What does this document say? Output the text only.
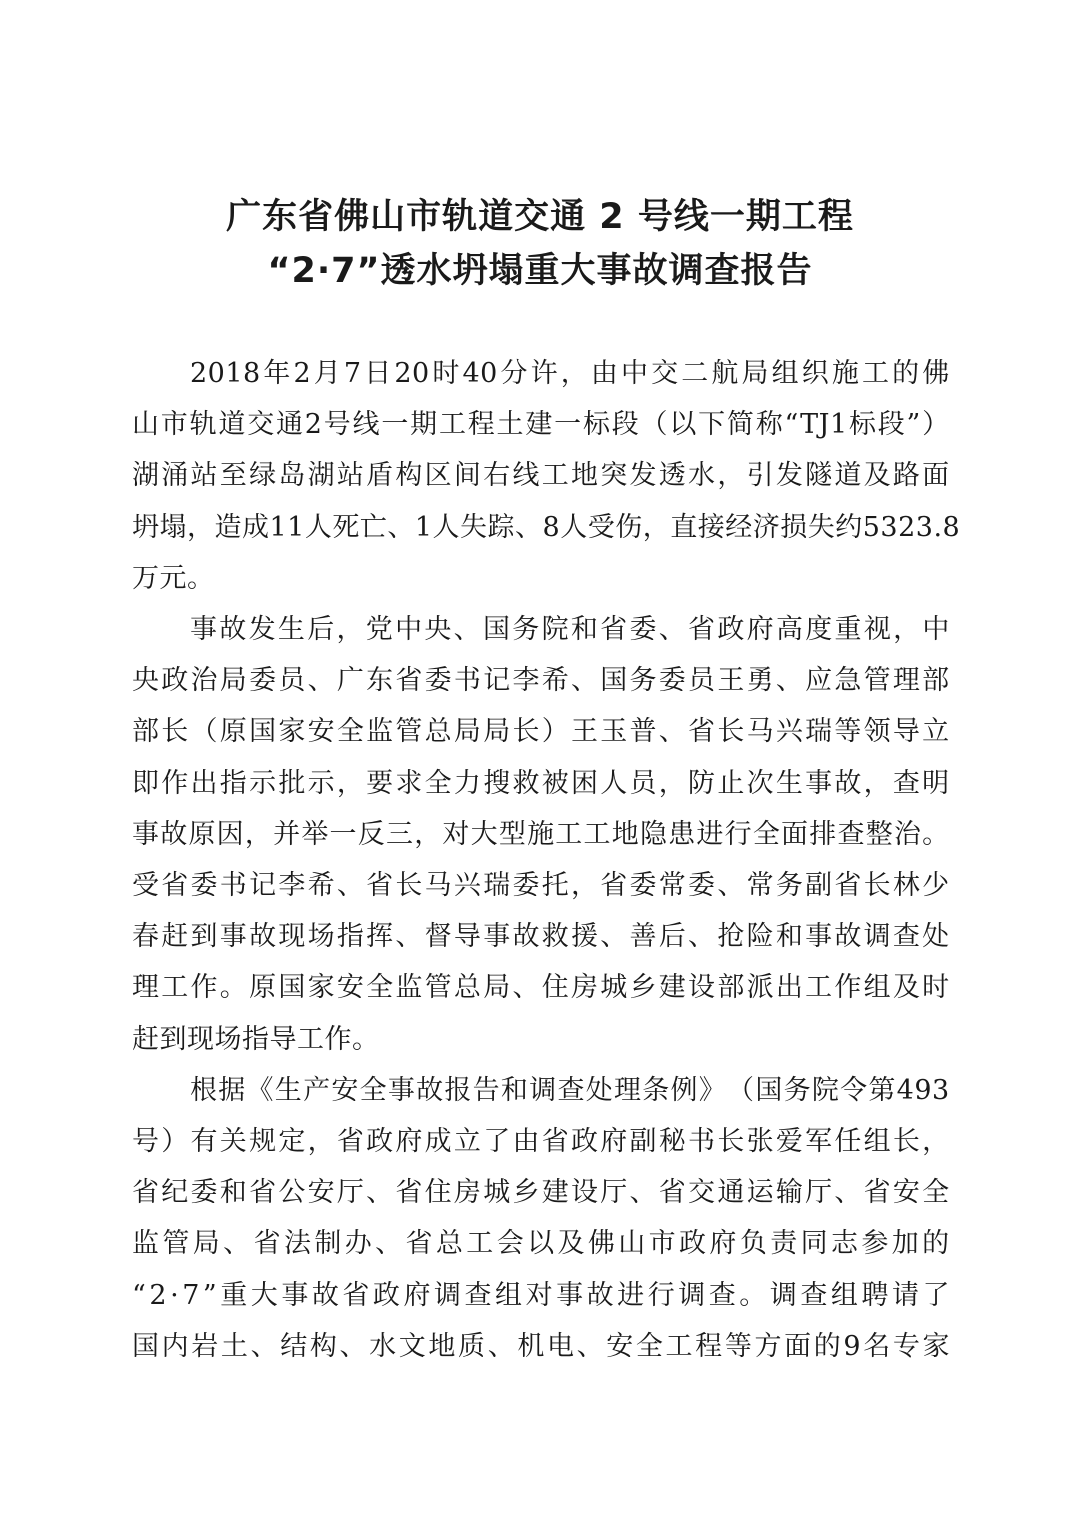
广东省佛山市轨道交通 2 号线一期工程
“2·7”透水坍塌重大事故调查报告
2018 年 2 月 7 日 20 时 40 分 许 ， 由 中 交 二 航 局 组 织 施 工 的 佛
山 市 轨 道 交 通 2 号 线 一 期 工 程 土 建 一 标 段 （ 以 下 简 称 “ TJ1 标 段 ” ）
湖 涌 站 至 绿 岛 湖 站 盾 构 区 间 右 线 工 地 突 发 透 水 ， 引 发 隧 道 及 路 面
坍 塌 ， 造 成 11 人 死 亡 、 1 人 失 踪 、 8 人 受 伤 ， 直 接 经 济 损 失 约 5323.8
万元。
事 故 发 生 后 ， 党 中 央 、 国 务 院 和 省 委 、 省 政 府 高 度 重 视 ， 中
央 政 治 局 委 员 、 广 东 省 委 书 记 李 希 、 国 务 委 员 王 勇 、 应 急 管 理 部
部 长 （ 原 国 家 安 全 监 管 总 局 局 长 ） 王 玉 普 、 省 长 马 兴 瑞 等 领 导 立
即 作 出 指 示 批 示 ， 要 求 全 力 搜 救 被 困 人 员 ， 防 止 次 生 事 故 ， 查 明
事 故 原 因 ， 并 举 一 反 三 ， 对 大 型 施 工 工 地 隐 患 进 行 全 面 排 查 整 治 。
受 省 委 书 记 李 希 、 省 长 马 兴 瑞 委 托 ， 省 委 常 委 、 常 务 副 省 长 林 少
春 赶 到 事 故 现 场 指 挥 、 督 导 事 故 救 援 、 善 后 、 抢 险 和 事 故 调 查 处
理 工 作 。 原 国 家 安 全 监 管 总 局 、 住 房 城 乡 建 设 部 派 出 工 作 组 及 时
赶到现场指导工作。
根 据 《 生 产 安 全 事 故 报 告 和 调 查 处 理 条 例 》 （ 国 务 院 令 第 493
号 ） 有 关 规 定 ， 省 政 府 成 立 了 由 省 政 府 副 秘 书 长 张 爱 军 任 组 长 ，
省 纪 委 和 省 公 安 厅 、 省 住 房 城 乡 建 设 厅 、 省 交 通 运 输 厅 、 省 安 全
监 管 局 、 省 法 制 办 、 省 总 工 会 以 及 佛 山 市 政 府 负 责 同 志 参 加 的
“ 2 · 7 ” 重 大 事 故 省 政 府 调 查 组 对 事 故 进 行 调 查 。 调 查 组 聘 请 了
国 内 岩 土 、 结 构 、 水 文 地 质 、 机 电 、 安 全 工 程 等 方 面 的 9 名 专 家
